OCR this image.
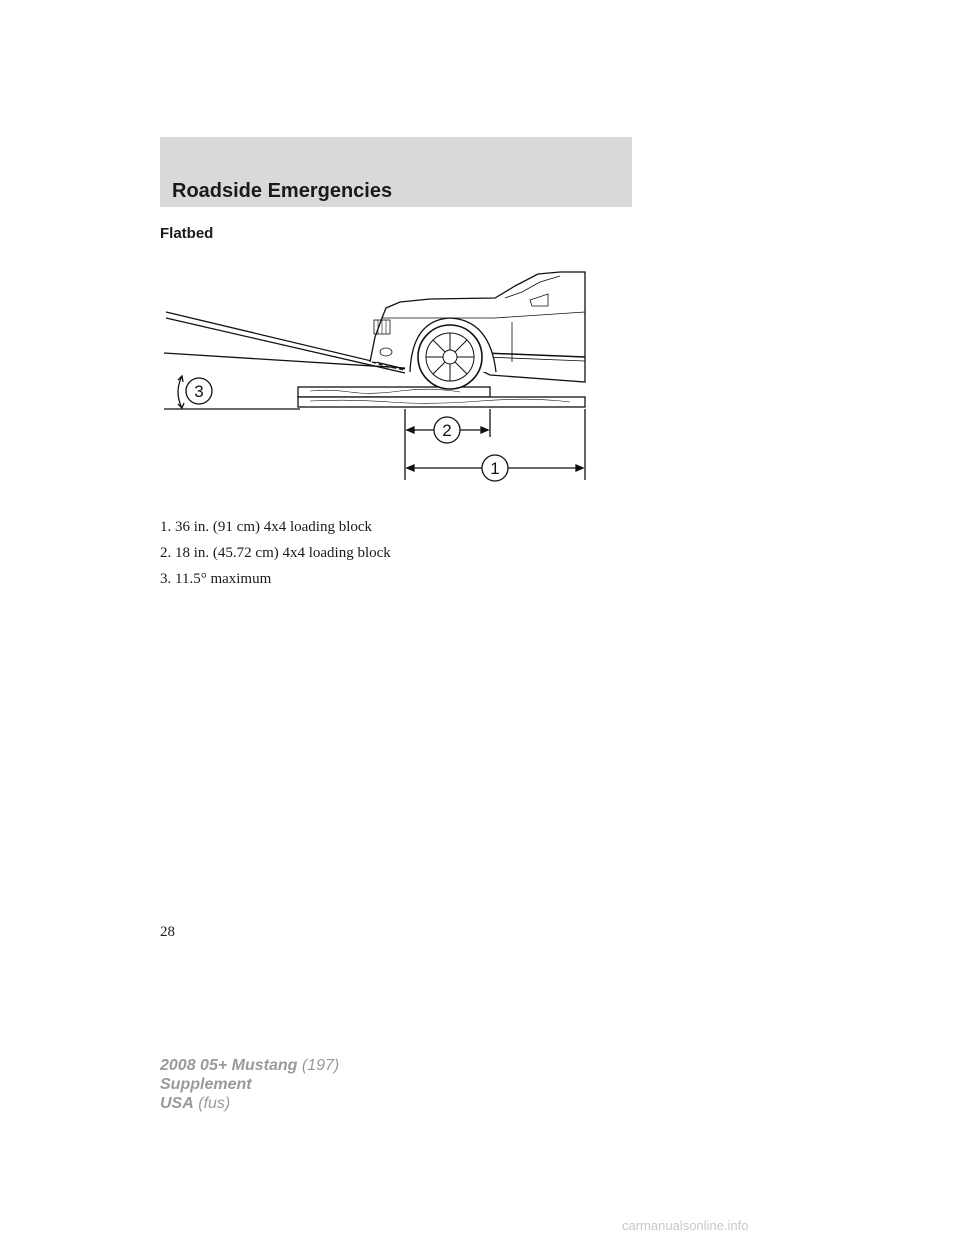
Roadside Emergencies
Flatbed
1
2
3
1. 36 in. (91 cm) 4x4 loading block
2. 18 in. (45.72 cm) 4x4 loading block
3. 11.5° maximum

28

2008 05+ Mustang (197)
Supplement
USA (fus)
carmanualsonline.info
